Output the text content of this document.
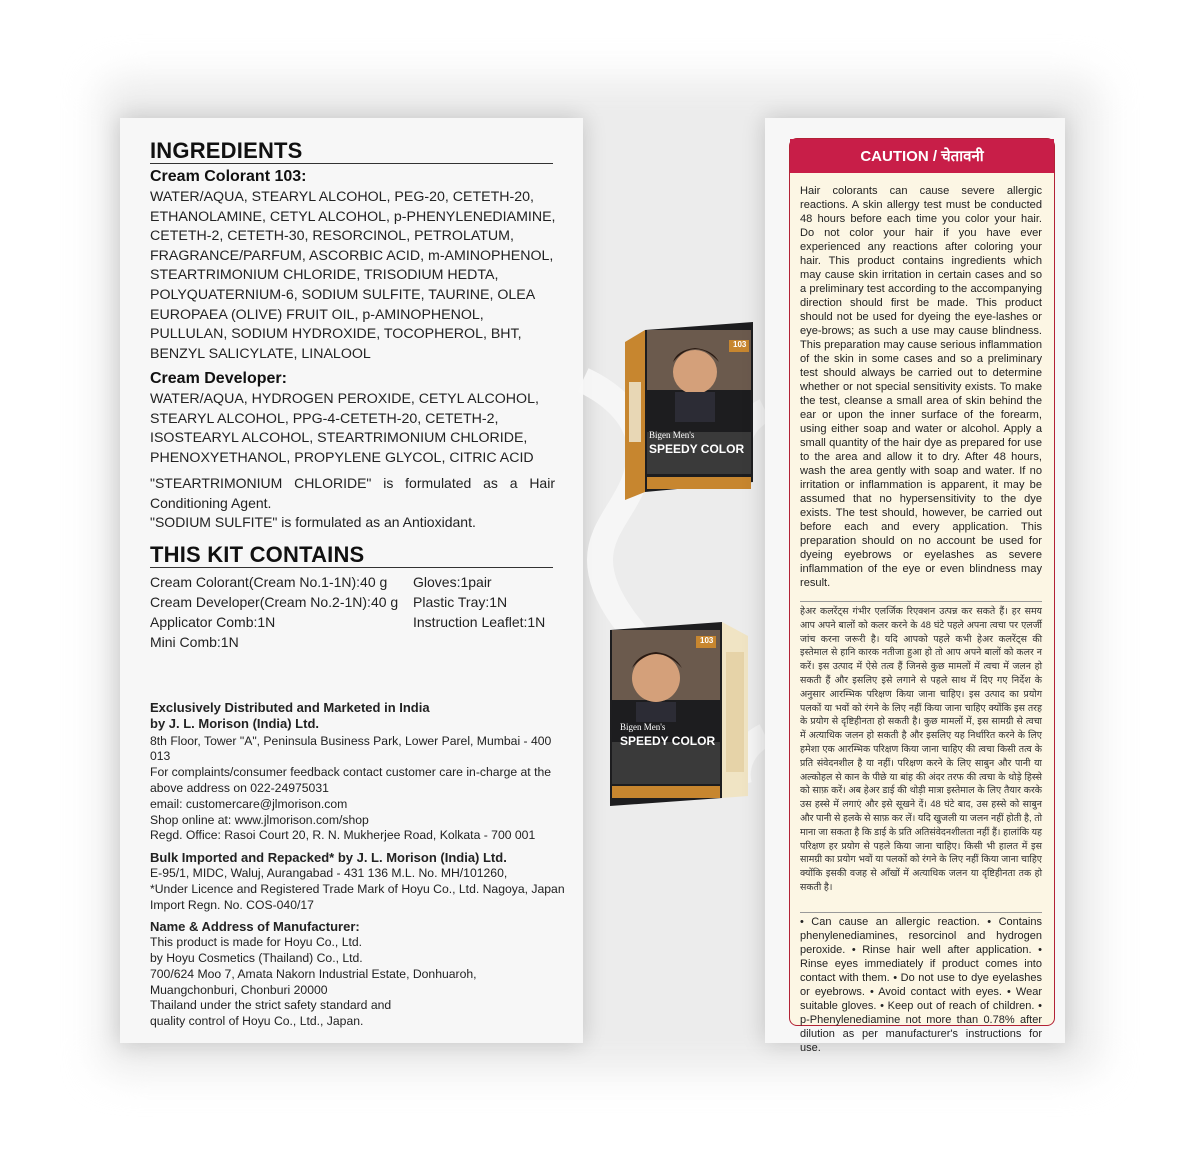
INGREDIENTS
Cream Colorant 103:
WATER/AQUA, STEARYL ALCOHOL, PEG-20, CETETH-20, ETHANOLAMINE, CETYL ALCOHOL, p-PHENYLENEDIAMINE, CETETH-2, CETETH-30, RESORCINOL, PETROLATUM, FRAGRANCE/PARFUM, ASCORBIC ACID, m-AMINOPHENOL, STEARTRIMONIUM CHLORIDE, TRISODIUM HEDTA, POLYQUATERNIUM-6, SODIUM SULFITE, TAURINE, OLEA EUROPAEA (OLIVE) FRUIT OIL, p-AMINOPHENOL, PULLULAN, SODIUM HYDROXIDE, TOCOPHEROL, BHT, BENZYL SALICYLATE, LINALOOL
Cream Developer:
WATER/AQUA, HYDROGEN PEROXIDE, CETYL ALCOHOL, STEARYL ALCOHOL, PPG-4-CETETH-20, CETETH-2, ISOSTEARYL ALCOHOL, STEARTRIMONIUM CHLORIDE, PHENOXYETHANOL, PROPYLENE GLYCOL, CITRIC ACID
"STEARTRIMONIUM CHLORIDE" is formulated as a Hair Conditioning Agent.
"SODIUM SULFITE" is formulated as an Antioxidant.
THIS KIT CONTAINS
Cream Colorant(Cream No.1-1N):40 g Gloves:1pair
Cream Developer(Cream No.2-1N):40 g Plastic Tray:1N
Applicator Comb:1N	Instruction Leaflet:1N
Mini Comb:1N
Exclusively Distributed and Marketed in India
by J. L. Morison (India) Ltd.
8th Floor, Tower "A", Peninsula Business Park, Lower Parel, Mumbai - 400 013
For complaints/consumer feedback contact customer care in-charge at the above address on 022-24975031
email: customercare@jlmorison.com
Shop online at: www.jlmorison.com/shop
Regd. Office: Rasoi Court 20, R. N. Mukherjee Road, Kolkata - 700 001
Bulk Imported and Repacked* by J. L. Morison (India) Ltd.
E-95/1, MIDC, Waluj, Aurangabad - 431 136 M.L. No. MH/101260,
*Under Licence and Registered Trade Mark of Hoyu Co., Ltd. Nagoya, Japan
Import Regn. No. COS-040/17
Name & Address of Manufacturer:
This product is made for Hoyu Co., Ltd.
by Hoyu Cosmetics (Thailand) Co., Ltd.
700/624 Moo 7, Amata Nakorn Industrial Estate, Donhuaroh,
Muangchonburi, Chonburi 20000
Thailand under the strict safety standard and
quality control of Hoyu Co., Ltd., Japan.
Bigen Men's
SPEEDY COLOR
103
Bigen Men's
SPEEDY COLOR
103
CAUTION / चेतावनी
Hair colorants can cause severe allergic reactions. A skin allergy test must be conducted 48 hours before each time you color your hair. Do not color your hair if you have ever experienced any reactions after coloring your hair. This product contains ingredients which may cause skin irritation in certain cases and so a preliminary test according to the accompanying direction should first be made. This product should not be used for dyeing the eye-lashes or eye-brows; as such a use may cause blindness. This preparation may cause serious inflammation of the skin in some cases and so a preliminary test should always be carried out to determine whether or not special sensitivity exists. To make the test, cleanse a small area of skin behind the ear or upon the inner surface of the forearm, using either soap and water or alcohol. Apply a small quantity of the hair dye as prepared for use to the area and allow it to dry. After 48 hours, wash the area gently with soap and water. If no irritation or inflammation is apparent, it may be assumed that no hypersensitivity to the dye exists. The test should, however, be carried out before each and every application. This preparation should on no account be used for dyeing eyebrows or eyelashes as severe inflammation of the eye or even blindness may result.
हेअर कलरेंट्स गंभीर एलर्जिक रिएक्शन उत्पन्न कर सकते हैं। हर समय आप अपने बालों को कलर करने के 48 घंटे पहले अपना त्वचा पर एलर्जी जांच करना जरूरी है। यदि आपको पहले कभी हेअर कलरेंट्स की इस्तेमाल से हानि कारक नतीजा हुआ हो तो आप अपने बालों को कलर न करें। इस उत्पाद में ऐसे तत्व हैं जिनसे कुछ मामलों में त्वचा में जलन हो सकती हैं और इसलिए इसे लगाने से पहले साथ में दिए गए निर्देश के अनुसार आरम्भिक परिक्षण किया जाना चाहिए। इस उत्पाद का प्रयोग पलकों या भवों को रंगने के लिए नहीं किया जाना चाहिए क्योंकि इस तरह के प्रयोग से दृष्टिहीनता हो सकती है। कुछ मामलों में, इस सामग्री से त्वचा में अत्याधिक जलन हो सकती है और इसलिए यह निर्धारित करने के लिए हमेशा एक आरम्भिक परिक्षण किया जाना चाहिए की त्वचा किसी तत्व के प्रति संवेदनशील है या नहीं। परिक्षण करने के लिए साबुन और पानी या अल्कोहल से कान के पीछे या बांह की अंदर तरफ की त्वचा के थोड़े हिस्से को साफ़ करें। अब हेअर डाई की थोड़ी मात्रा इस्तेमाल के लिए तैयार करके उस हस्से में लगाएं और इसे सूखने दें। 48 घंटे बाद, उस हस्से को साबुन और पानी से हलके से साफ़ कर लें। यदि खुजली या जलन नहीं होती है, तो माना जा सकता है कि डाई के प्रति अतिसंवेदनशीलता नहीं हैं। हालांकि यह परिक्षण हर प्रयोग से पहले किया जाना चाहिए। किसी भी हालत में इस सामग्री का प्रयोग भवों या पलकों को रंगने के लिए नहीं किया जाना चाहिए क्योंकि इसकी वजह से आँखों में अत्याधिक जलन या दृष्टिहीनता तक हो सकती है।
• Can cause an allergic reaction. • Contains phenylenediamines, resorcinol and hydrogen peroxide. • Rinse hair well after application. • Rinse eyes immediately if product comes into contact with them. • Do not use to dye eyelashes or eyebrows. • Avoid contact with eyes. • Wear suitable gloves. • Keep out of reach of children. • p-Phenylenediamine not more than 0.78% after dilution as per manufacturer's instructions for use.
